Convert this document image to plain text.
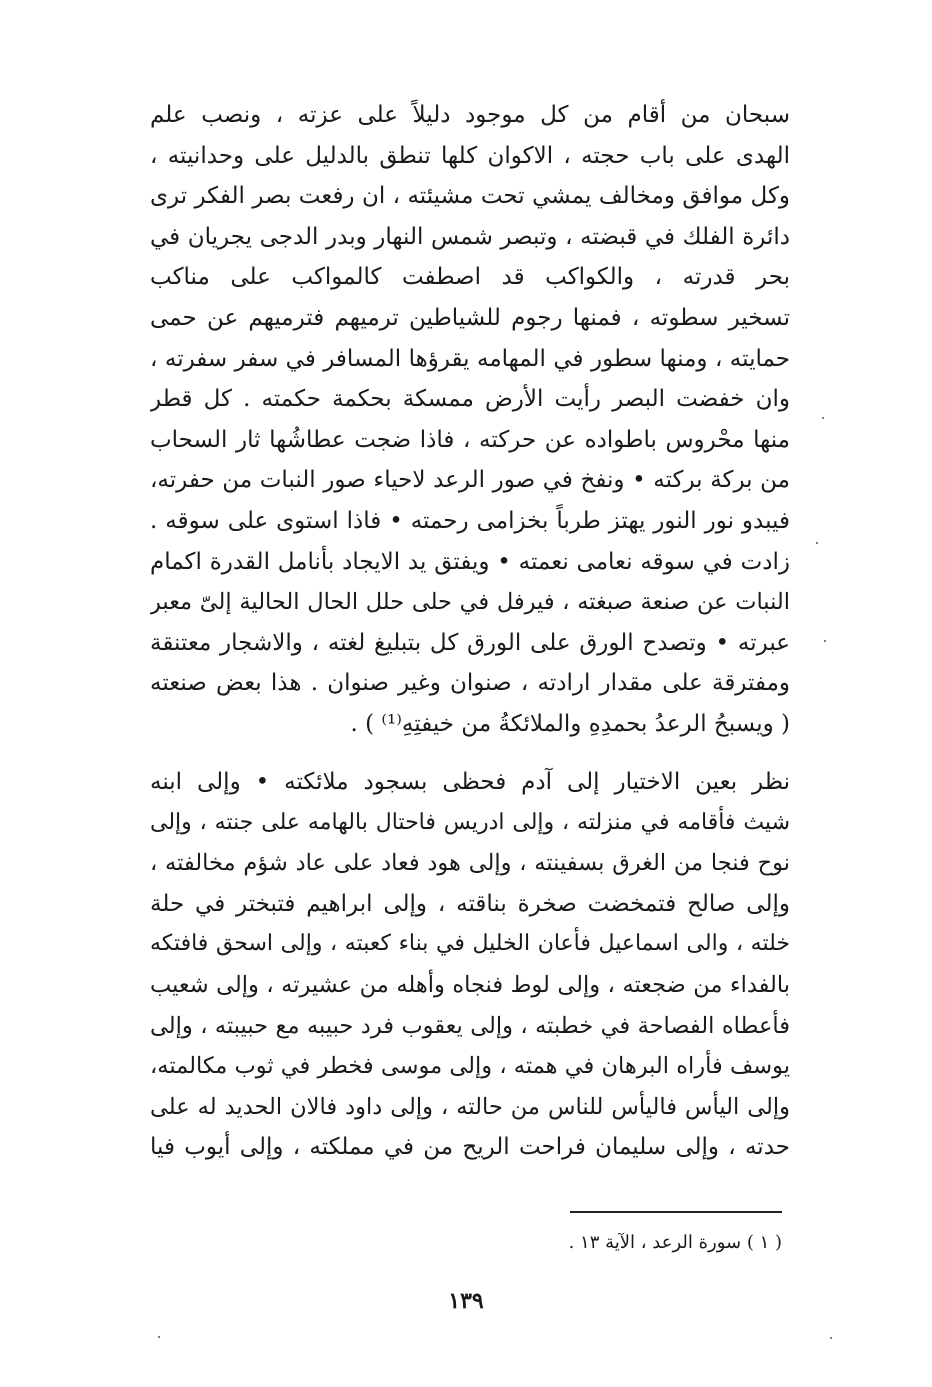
سبحان من أقام من كل موجود دليلاً على عزته ، ونصب علم
الهدى على باب حجته ، الاكوان كلها تنطق بالدليل على وحدانيته ،
وكل موافق ومخالف يمشي تحت مشيئته ، ان رفعت بصر الفكر ترى
دائرة الفلك في قبضته ، وتبصر شمس النهار وبدر الدجى يجريان في
بحر قدرته ، والكواكب قد اصطفت كالمواكب على مناكب
تسخير سطوته ، فمنها رجوم للشياطين ترميهم فترميهم عن حمى
حمايته ، ومنها سطور في المهامه يقرؤها المسافر في سفر سفرته ،
وان خفضت البصر رأيت الأرض ممسكة بحكمة حكمته . كل قطر
منها محْروس باطواده عن حركته ، فاذا ضجت عطاشُها ثار السحاب
من بركة بركته • ونفخ في صور الرعد لاحياء صور النبات من حفرته،
فيبدو نور النور يهتز طرباً بخزامى رحمته • فاذا استوى على سوقه .
زادت في سوقه نعامى نعمته • ويفتق يد الايجاد بأنامل القدرة اكمام
النبات عن صنعة صبغته ، فيرفل في حلى حلل الحال الحالية إلىّ معبر
عبرته • وتصدح الورق على الورق كل بتبليغ لغته ، والاشجار معتنقة
ومفترقة على مقدار ارادته ، صنوان وغير صنوان . هذا بعض صنعته
( ويسبحُ الرعدُ بحمدِهِ والملائكةُ من خيفتِهِ⁽¹⁾ ) .
نظر بعين الاختيار إلى آدم فحظى بسجود ملائكته • وإلى ابنه
شيث فأقامه في منزلته ، وإلى ادريس فاحتال بالهامه على جنته ، وإلى
نوح فنجا من الغرق بسفينته ، وإلى هود فعاد على عاد شؤم مخالفته ،
وإلى صالح فتمخضت صخرة بناقته ، وإلى ابراهيم فتبختر في حلة
خلته ، والى اسماعيل فأعان الخليل في بناء كعبته ، وإلى اسحق فافتكه
بالفداء من ضجعته ، وإلى لوط فنجاه وأهله من عشيرته ، وإلى شعيب
فأعطاه الفصاحة في خطبته ، وإلى يعقوب فرد حبيبه مع حبيبته ، وإلى
يوسف فأراه البرهان في همته ، وإلى موسى فخطر في ثوب مكالمته،
وإلى اليأس فاليأس للناس من حالته ، وإلى داود فالان الحديد له على
حدته ، وإلى سليمان فراحت الريح من في مملكته ، وإلى أيوب فيا
( ١ ) سورة الرعد ، الآية ١٣ .
١٣٩
